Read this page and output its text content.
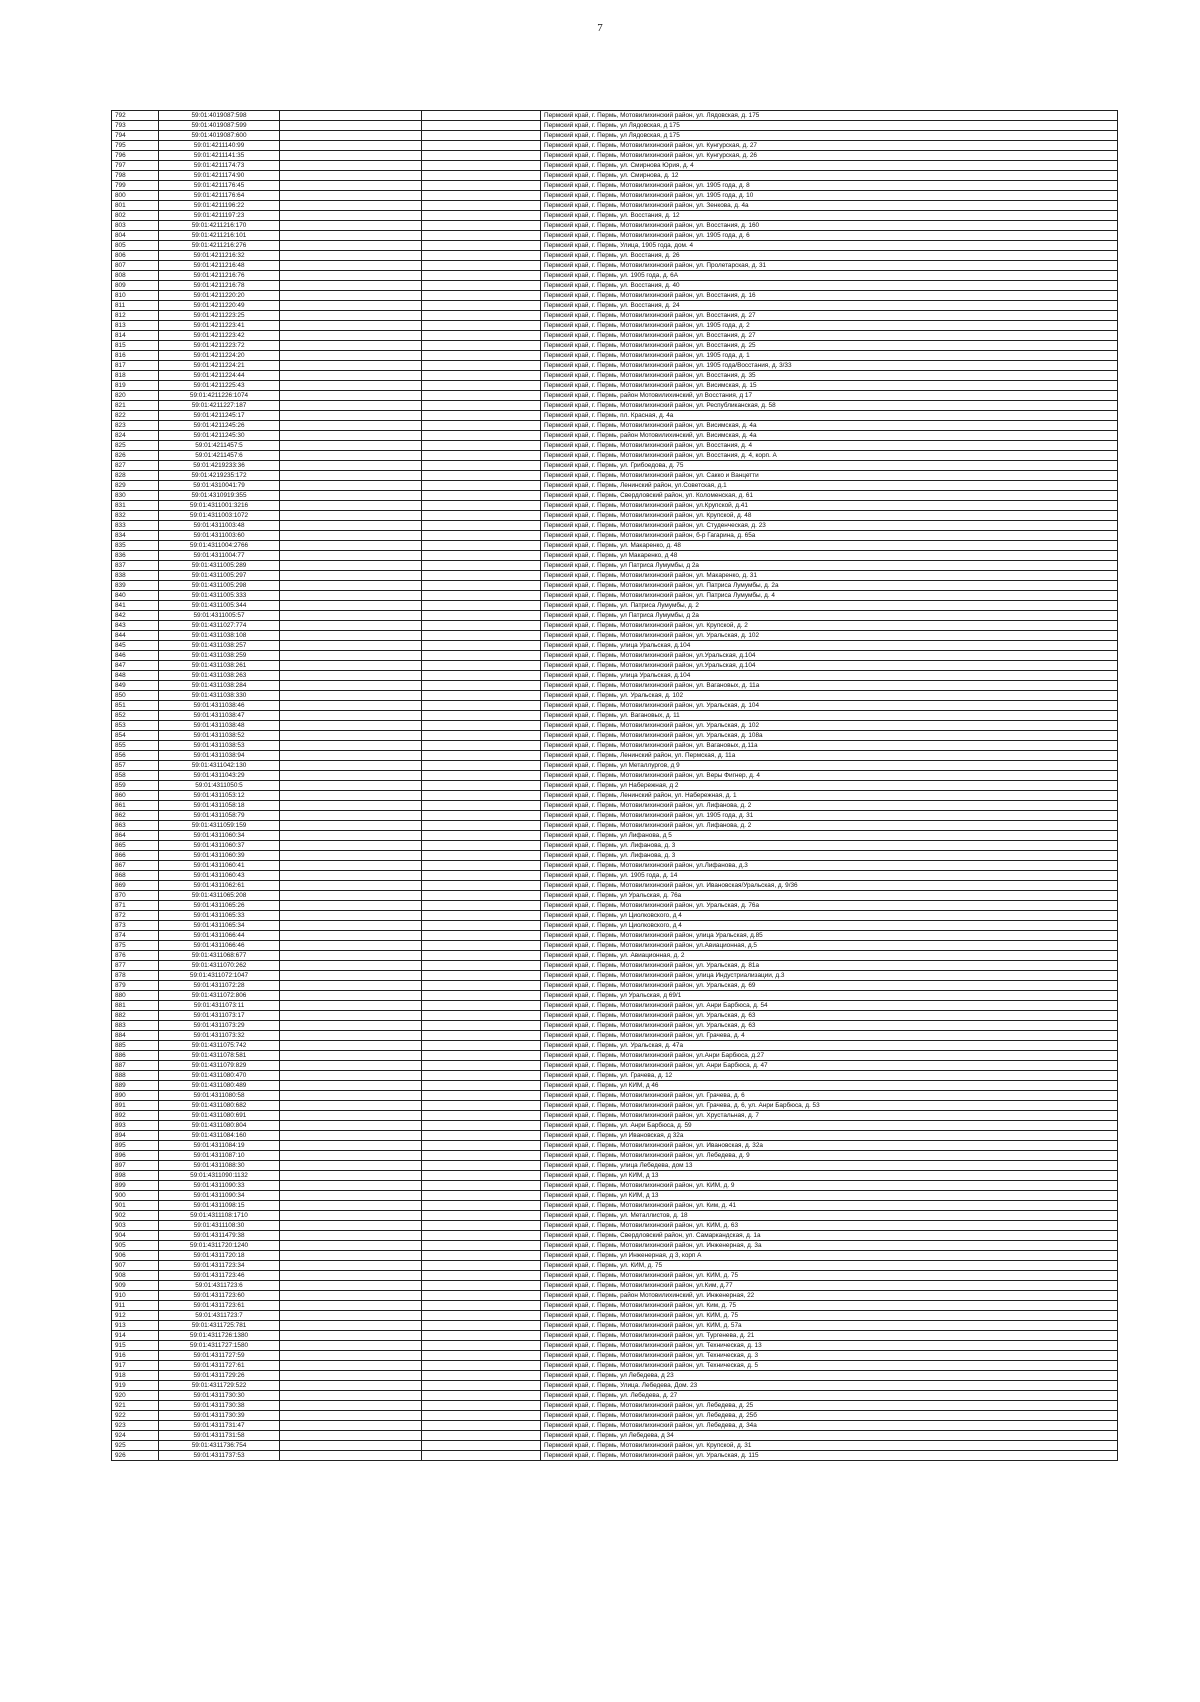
7
792	59:01:4019087:598			Пермский край, г. Пермь, Мотовилихинский район, ул. Лядовская, д. 175
793	59:01:4019087:599			Пермский край, г. Пермь, ул Лядовская, д 175
794	59:01:4019087:600			Пермский край, г. Пермь, ул Лядовская, д 175
795	59:01:4211140:99			Пермский край, г. Пермь, Мотовилихинский район, ул. Кунгурская, д. 27
796	59:01:4211141:35			Пермский край, г. Пермь, Мотовилихинский район, ул. Кунгурская, д. 26
797	59:01:4211174:73			Пермский край, г. Пермь, ул. Смирнова Юрия, д. 4
798	59:01:4211174:90			Пермский край, г. Пермь, ул. Смирнова, д. 12
799	59:01:4211176:45			Пермский край, г. Пермь, Мотовилихинский район, ул. 1905 года, д. 8
800	59:01:4211176:64			Пермский край, г. Пермь, Мотовилихинский район, ул. 1905 года, д. 10
801	59:01:4211196:22			Пермский край, г. Пермь, Мотовилихинский район, ул. Зенкова, д. 4а
802	59:01:4211197:23			Пермский край, г. Пермь, ул. Восстания, д. 12
803	59:01:4211216:170			Пермский край, г. Пермь, Мотовилихинский район, ул. Восстания, д. 160
804	59:01:4211216:101			Пермский край, г. Пермь, Мотовилихинский район, ул. 1905 года, д. 6
805	59:01:4211216:276			Пермский край, г. Пермь, Улица, 1905 года, дом. 4
806	59:01:4211216:32			Пермский край, г. Пермь, ул. Восстания, д. 26
807	59:01:4211216:48			Пермский край, г. Пермь, Мотовилихинский район, ул. Пролетарская, д. 31
808	59:01:4211216:76			Пермский край, г. Пермь, ул. 1905 года, д. 6А
809	59:01:4211216:78			Пермский край, г. Пермь, ул. Восстания, д. 40
810	59:01:4211220:20			Пермский край, г. Пермь, Мотовилихинский район, ул. Восстания, д. 16
811	59:01:4211220:49			Пермский край, г. Пермь, ул. Восстания, д. 24
812	59:01:4211223:25			Пермский край, г. Пермь, Мотовилихинский район, ул. Восстания, д. 27
813	59:01:4211223:41			Пермский край, г. Пермь, Мотовилихинский район, ул. 1905 года, д. 2
814	59:01:4211223:42			Пермский край, г. Пермь, Мотовилихинский район, ул. Восстания, д. 27
815	59:01:4211223:72			Пермский край, г. Пермь, Мотовилихинский район, ул. Восстания, д. 25
816	59:01:4211224:20			Пермский край, г. Пермь, Мотовилихинский район, ул. 1905 года, д. 1
817	59:01:4211224:21			Пермский край, г. Пермь, Мотовилихинский район, ул. 1905 года/Восстания, д. 3/33
818	59:01:4211224:44			Пермский край, г. Пермь, Мотовилихинский район, ул. Восстания, д. 35
819	59:01:4211225:43			Пермский край, г. Пермь, Мотовилихинский район, ул. Висимская, д. 15
820	59:01:4211226:1074			Пермский край, г. Пермь, район Мотовилихинский, ул Восстания, д 17
821	59:01:4211227:187			Пермский край, г. Пермь, Мотовилихинский район, ул. Республиканская, д. 58
822	59:01:4211245:17			Пермский край, г. Пермь, пл. Красная, д. 4а
823	59:01:4211245:26			Пермский край, г. Пермь, Мотовилихинский район, ул. Висимская, д. 4а
824	59:01:4211245:30			Пермский край, г. Пермь, район Мотовилихинский, ул. Висимская, д. 4а
825	59:01:4211457:5			Пермский край, г. Пермь, Мотовилихинский район, ул. Восстания, д. 4
826	59:01:4211457:6			Пермский край, г. Пермь, Мотовилихинский район, ул. Восстания, д. 4, корп. А
827	59:01:4219233:36			Пермский край, г. Пермь, ул. Грибоедова, д. 75
828	59:01:4219235:172			Пермский край, г. Пермь, Мотовилихинский район, ул. Сакко и Ванцетти
829	59:01:4310041:79			Пермский край, г. Пермь, Ленинский район, ул.Советская, д.1
830	59:01:4310919:355			Пермский край, г. Пермь, Свердловский район, ул. Коломенская, д. 61
831	59:01:4311001:3216			Пермский край, г. Пермь, Мотовилихинский район, ул.Крупской, д.41
832	59:01:4311003:1072			Пермский край, г. Пермь, Мотовилихинский район, ул. Крупской, д. 48
833	59:01:4311003:48			Пермский край, г. Пермь, Мотовилихинский район, ул. Студенческая, д. 23
834	59:01:4311003:60			Пермский край, г. Пермь, Мотовилихинский район, б-р Гагарина, д. 65а
835	59:01:4311004:2766			Пермский край, г. Пермь, ул. Макаренко, д. 48
836	59:01:4311004:77			Пермский край, г. Пермь, ул Макаренко, д 48
837	59:01:4311005:289			Пермский край, г. Пермь, ул Патриса Лумумбы, д 2а
838	59:01:4311005:297			Пермский край, г. Пермь, Мотовилихинский район, ул. Макаренко, д. 31
839	59:01:4311005:298			Пермский край, г. Пермь, Мотовилихинский район, ул. Патриса Лумумбы, д. 2а
840	59:01:4311005:333			Пермский край, г. Пермь, Мотовилихинский район, ул. Патриса Лумумбы, д. 4
841	59:01:4311005:344			Пермский край, г. Пермь, ул. Патриса Лумумбы, д. 2
842	59:01:4311005:57			Пермский край, г. Пермь, ул Патриса Лумумбы, д 2а
843	59:01:4311027:774			Пермский край, г. Пермь, Мотовилихинский район, ул. Крупской, д. 2
844	59:01:4311038:108			Пермский край, г. Пермь, Мотовилихинский район, ул. Уральская, д. 102
845	59:01:4311038:257			Пермский край, г. Пермь, улица Уральская, д.104
846	59:01:4311038:259			Пермский край, г. Пермь, Мотовилихинский район, ул.Уральская, д.104
847	59:01:4311038:261			Пермский край, г. Пермь, Мотовилихинский район, ул.Уральская, д.104
848	59:01:4311038:263			Пермский край, г. Пермь, улица Уральская, д.104
849	59:01:4311038:284			Пермский край, г. Пермь, Мотовилихинский район, ул. Вагановых, д. 11а
850	59:01:4311038:330			Пермский край, г. Пермь, ул. Уральская, д. 102
851	59:01:4311038:46			Пермский край, г. Пермь, Мотовилихинский район, ул. Уральская, д. 104
852	59:01:4311038:47			Пермский край, г. Пермь, ул. Вагановых, д. 11
853	59:01:4311038:48			Пермский край, г. Пермь, Мотовилихинский район, ул. Уральская, д. 102
854	59:01:4311038:52			Пермский край, г. Пермь, Мотовилихинский район, ул. Уральская, д. 108а
855	59:01:4311038:53			Пермский край, г. Пермь, Мотовилихинский район, ул. Вагановых, д.11а
856	59:01:4311038:94			Пермский край, г. Пермь, Ленинский район, ул. Пермская, д. 11а
857	59:01:4311042:130			Пермский край, г. Пермь, ул Металлургов, д 9
858	59:01:4311043:29			Пермский край, г. Пермь, Мотовилихинский район, ул. Веры Фигнер, д. 4
859	59:01:4311050:5			Пермский край, г. Пермь, ул Набережная, д 2
860	59:01:4311053:12			Пермский край, г. Пермь, Ленинский район, ул. Набережная, д. 1
861	59:01:4311058:18			Пермский край, г. Пермь, Мотовилихинский район, ул. Лифанова, д. 2
862	59:01:4311058:79			Пермский край, г. Пермь, Мотовилихинский район, ул. 1905 года, д. 31
863	59:01:4311059:159			Пермский край, г. Пермь, Мотовилихинский район, ул. Лифанова, д. 2
864	59:01:4311060:34			Пермский край, г. Пермь, ул Лифанова, д 5
865	59:01:4311060:37			Пермский край, г. Пермь, ул. Лифанова, д. 3
866	59:01:4311060:39			Пермский край, г. Пермь, ул. Лифанова, д. 3
867	59:01:4311060:41			Пермский край, г. Пермь, Мотовилихинский район, ул.Лифанова, д.3
868	59:01:4311060:43			Пермский край, г. Пермь, ул. 1905 года, д. 14
869	59:01:4311062:61			Пермский край, г. Пермь, Мотовилихинский район, ул. Ивановская/Уральская, д. 9/36
870	59:01:4311065:208			Пермский край, г. Пермь, ул Уральская, д. 76а
871	59:01:4311065:26			Пермский край, г. Пермь, Мотовилихинский район, ул. Уральская, д. 76а
872	59:01:4311065:33			Пермский край, г. Пермь, ул Циолковского, д 4
873	59:01:4311065:34			Пермский край, г. Пермь, ул Циолковского, д 4
874	59:01:4311066:44			Пермский край, г. Пермь, Мотовилихинский район, улица Уральская, д.85
875	59:01:4311066:46			Пермский край, г. Пермь, Мотовилихинский район, ул.Авиационная, д.5
876	59:01:4311068:677			Пермский край, г. Пермь, ул. Авиационная, д. 2
877	59:01:4311070:262			Пермский край, г. Пермь, Мотовилихинский район, ул. Уральская, д. 81а
878	59:01:4311072:1047			Пермский край, г. Пермь, Мотовилихинский район, улица Индустриализации, д.3
879	59:01:4311072:28			Пермский край, г. Пермь, Мотовилихинский район, ул. Уральская, д. 69
880	59:01:4311072:806			Пермский край, г. Пермь, ул Уральская, д 69/1
881	59:01:4311073:11			Пермский край, г. Пермь, Мотовилихинский район, ул. Анри Барбюса, д. 54
882	59:01:4311073:17			Пермский край, г. Пермь, Мотовилихинский район, ул. Уральская, д. 63
883	59:01:4311073:29			Пермский край, г. Пермь, Мотовилихинский район, ул. Уральская, д. 63
884	59:01:4311073:32			Пермский край, г. Пермь, Мотовилихинский район, ул. Грачева, д. 4
885	59:01:4311075:742			Пермский край, г. Пермь, ул. Уральская, д. 47а
886	59:01:4311078:581			Пермский край, г. Пермь, Мотовилихинский район, ул.Анри Барбюса, д.27
887	59:01:4311079:829			Пермский край, г. Пермь, Мотовилихинский район, ул. Анри Барбюса, д. 47
888	59:01:4311080:470			Пермский край, г. Пермь, ул. Грачева, д. 12
889	59:01:4311080:489			Пермский край, г. Пермь, ул КИМ, д 46
890	59:01:4311080:58			Пермский край, г. Пермь, Мотовилихинский район, ул. Грачева, д. 6
891	59:01:4311080:682			Пермский край, г. Пермь, Мотовилихинский район, ул. Грачева, д. 6, ул. Анри Барбюса, д. 53
892	59:01:4311080:691			Пермский край, г. Пермь, Мотовилихинский район, ул. Хрустальная, д. 7
893	59:01:4311080:804			Пермский край, г. Пермь, ул. Анри Барбюса, д. 59
894	59:01:4311084:160			Пермский край, г. Пермь, ул Ивановская, д 32а
895	59:01:4311084:19			Пермский край, г. Пермь, Мотовилихинский район, ул. Ивановская, д. 32а
896	59:01:4311087:10			Пермский край, г. Пермь, Мотовилихинский район, ул. Лебедева, д. 9
897	59:01:4311088:30			Пермский край, г. Пермь, улица Лебедева, дом 13
898	59:01:4311090:1132			Пермский край, г. Пермь, ул КИМ, д 13
899	59:01:4311090:33			Пермский край, г. Пермь, Мотовилихинский район, ул. КИМ, д. 9
900	59:01:4311090:34			Пермский край, г. Пермь, ул КИМ, д 13
901	59:01:4311098:15			Пермский край, г. Пермь, Мотовилихинский район, ул. Ким, д. 41
902	59:01:4311108:1710			Пермский край, г. Пермь, ул. Металлистов, д. 18
903	59:01:4311108:30			Пермский край, г. Пермь, Мотовилихинский район, ул. КИМ, д. 63
904	59:01:4311479:38			Пермский край, г. Пермь, Свердловский район, ул. Самаркандская, д. 1а
905	59:01:4311720:1240			Пермский край, г. Пермь, Мотовилихинский район, ул. Инженерная, д. 3а
906	59:01:4311720:18			Пермский край, г. Пермь, ул Инженерная, д 3, корп А
907	59:01:4311723:34			Пермский край, г. Пермь, ул. КИМ, д. 75
908	59:01:4311723:46			Пермский край, г. Пермь, Мотовилихинский район, ул. КИМ, д. 75
909	59:01:4311723:6			Пермский край, г. Пермь, Мотовилихинский район, ул.Ким, д.77
910	59:01:4311723:60			Пермский край, г. Пермь, район Мотовилихинский, ул. Инженерная, 22
911	59:01:4311723:61			Пермский край, г. Пермь, Мотовилихинский район, ул. Ким, д. 75
912	59:01:4311723:7			Пермский край, г. Пермь, Мотовилихинский район, ул. КИМ, д. 75
913	59:01:4311725:781			Пермский край, г. Пермь, Мотовилихинский район, ул. КИМ, д. 57а
914	59:01:4311726:1380			Пермский край, г. Пермь, Мотовилихинский район, ул. Тургенева, д. 21
915	59:01:4311727:1580			Пермский край, г. Пермь, Мотовилихинский район, ул. Техническая, д. 13
916	59:01:4311727:59			Пермский край, г. Пермь, Мотовилихинский район, ул. Техническая, д. 3
917	59:01:4311727:61			Пермский край, г. Пермь, Мотовилихинский район, ул. Техническая, д. 5
918	59:01:4311729:26			Пермский край, г. Пермь, ул Лебедева, д 23
919	59:01:4311729:522			Пермский край, г. Пермь, Улица. Лебедева, Дом. 23
920	59:01:4311730:30			Пермский край, г. Пермь, ул. Лебедева, д. 27
921	59:01:4311730:38			Пермский край, г. Пермь, Мотовилихинский район, ул. Лебедева, д. 25
922	59:01:4311730:39			Пермский край, г. Пермь, Мотовилихинский район, ул. Лебедева, д. 25б
923	59:01:4311731:47			Пермский край, г. Пермь, Мотовилихинский район, ул. Лебедева, д. 34а
924	59:01:4311731:58			Пермский край, г. Пермь, ул Лебедева, д 34
925	59:01:4311736:754			Пермский край, г. Пермь, Мотовилихинский район, ул. Крупской, д. 31
926	59:01:4311737:53			Пермский край, г. Пермь, Мотовилихинский район, ул. Уральская, д. 115
